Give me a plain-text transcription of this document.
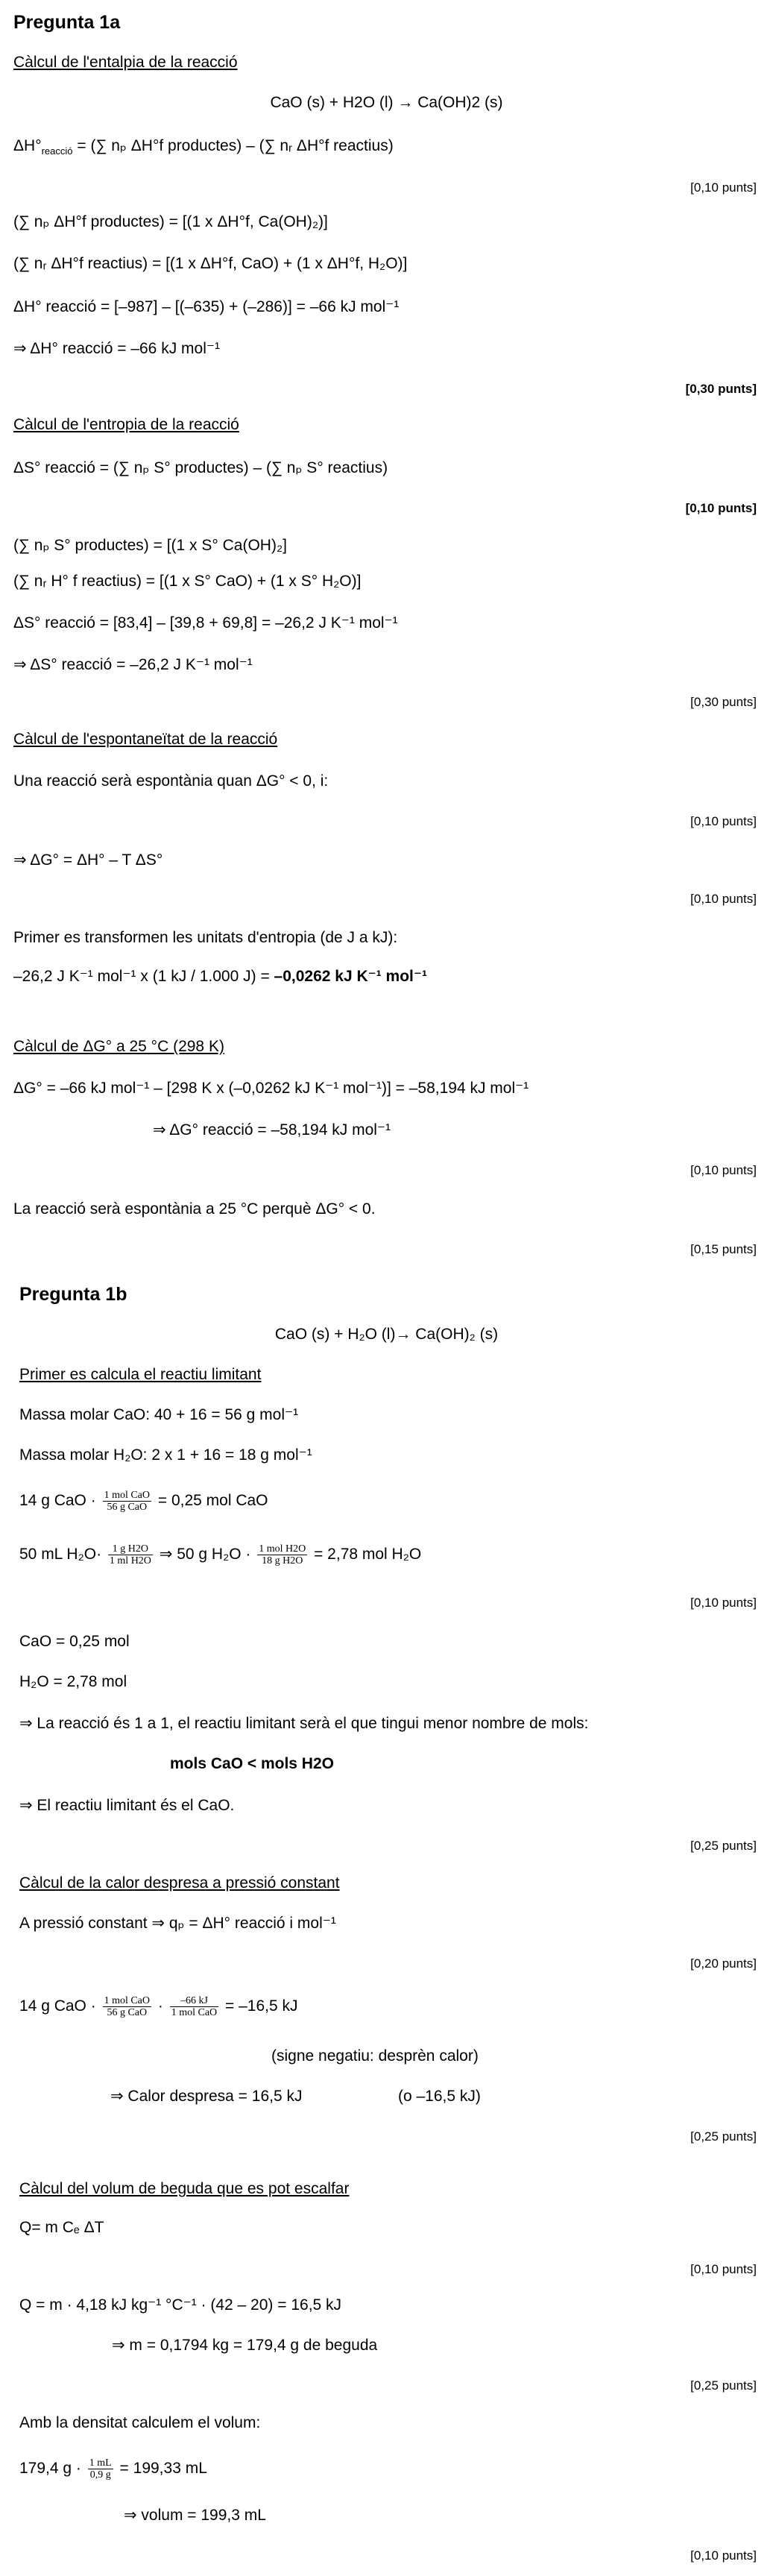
Pregunta 1a
Càlcul de l'entalpia de la reacció
CaO (s) + H2O (l) → Ca(OH)2 (s)
$\Delta H^\circ_{reacció}$ = (∑ nₚ ΔH°f productes) – (∑ nᵣ ΔH°f reactius)
[0,10 punts]
(∑ nₚ ΔH°f productes) = [(1 x ΔH°f, Ca(OH)₂)]
(∑ nᵣ ΔH°f reactius) = [(1 x ΔH°f, CaO) + (1 x ΔH°f, H₂O)]
ΔH° reacció = [–987] – [(–635) + (–286)] = –66 kJ mol⁻¹
⇒ ΔH° reacció = –66 kJ mol⁻¹
[0,30 punts]
Càlcul de l'entropia de la reacció
ΔS° reacció = (∑ nₚ S° productes) – (∑ nₚ S° reactius)
[0,10 punts]
(∑ nₚ S° productes) = [(1 x S° Ca(OH)₂]
(∑ nᵣ H° f reactius) = [(1 x S° CaO) + (1 x S° H₂O)]
ΔS° reacció = [83,4] – [39,8 + 69,8] = –26,2 J K⁻¹ mol⁻¹
⇒ ΔS° reacció = –26,2 J K⁻¹ mol⁻¹
[0,30 punts]
Càlcul de l'espontaneïtat de la reacció
Una reacció serà espontània quan ΔG° < 0, i:
[0,10 punts]
⇒ ΔG° = ΔH° – T ΔS°
[0,10 punts]
Primer es transformen les unitats d'entropia (de J a kJ):
–26,2 J K⁻¹ mol⁻¹ x (1 kJ / 1.000 J) = –0,0262 kJ K⁻¹ mol⁻¹
Càlcul de ΔG° a 25 °C (298 K)
ΔG° = –66 kJ mol⁻¹ – [298 K x (–0,0262 kJ K⁻¹ mol⁻¹)] = –58,194 kJ mol⁻¹
⇒ ΔG° reacció = –58,194 kJ mol⁻¹
[0,10 punts]
La reacció serà espontània a 25 °C perquè ΔG° < 0.
[0,15 punts]
Pregunta 1b
CaO (s) + H₂O (l)→ Ca(OH)₂ (s)
Primer es calcula el reactiu limitant
Massa molar CaO: 40 + 16 = 56 g mol⁻¹
Massa molar H₂O: 2 x 1 + 16 = 18 g mol⁻¹
14 g CaO · $\frac{\text{1 mol CaO}}{\text{56 g CaO}} = 0,25$ mol CaO
50 mL $H_2O\cdot \frac{\text{1 g H2O}}{\text{1 ml H2O}}$ ⇒ 50 g $H_2O \cdot \frac{\text{1 mol H2O}}{\text{18 g H2O}} = 2,78$ mol H₂O
[0,10 punts]
CaO = 0,25 mol
H₂O = 2,78 mol
⇒ La reacció és 1 a 1, el reactiu limitant serà el que tingui menor nombre de mols:
mols CaO < mols H2O
⇒ El reactiu limitant és el CaO.
[0,25 punts]
Càlcul de la calor despresa a pressió constant
A pressió constant ⇒ qₚ = ΔH° reacció i mol⁻¹
[0,20 punts]
14 g CaO · $\frac{\text{1 mol CaO}}{\text{56 g CaO}} \cdot \frac{-66 kJ}{\text{1 mol CaO}} = -16,5$ kJ
(signe negatiu: desprèn calor)
⇒ Calor despresa = 16,5 kJ	(o –16,5 kJ)
[0,25 punts]
Càlcul del volum de beguda que es pot escalfar
Q= m Cₑ ΔT
[0,10 punts]
Q = m · 4,18 kJ kg⁻¹ °C⁻¹ · (42 – 20) = 16,5 kJ
⇒ m = 0,1794 kg = 179,4 g de beguda
[0,25 punts]
Amb la densitat calculem el volum:
179,4 $g \cdot \frac{1 mL}{0,9 g} = 199,33$ mL
⇒ volum = 199,3 mL
[0,10 punts]
